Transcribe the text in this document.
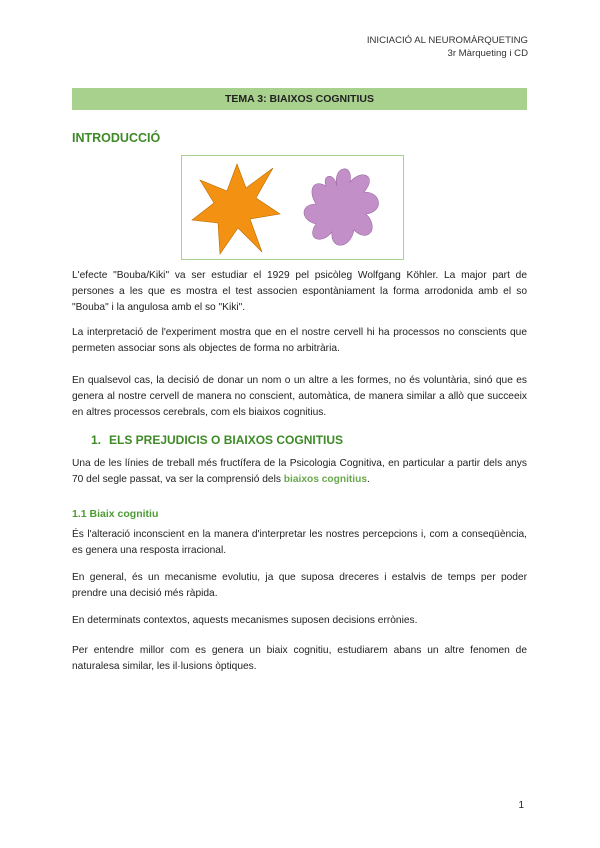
INICIACIÓ AL NEUROMÀRQUETING
3r Màrqueting i CD
TEMA 3: BIAIXOS COGNITIUS
INTRODUCCIÓ

L'efecte "Bouba/Kiki" va ser estudiar el 1929 pel psicòleg Wolfgang Köhler. La major part de persones a les que es mostra el test associen espontàniament la forma arrodonida amb el so "Bouba" i la angulosa amb el so "Kiki".

La interpretació de l'experiment mostra que en el nostre cervell hi ha processos no conscients que permeten associar sons als objectes de forma no arbitrària.

En qualsevol cas, la decisió de donar un nom o un altre a les formes, no és voluntària, sinó que es genera al nostre cervell de manera no conscient, automàtica, de manera similar a allò que succeeix en altres processos cerebrals, com els biaixos cognitius.

1. ELS PREJUDICIS O BIAIXOS COGNITIUS

Una de les línies de treball més fructífera de la Psicologia Cognitiva, en particular a partir dels anys 70 del segle passat, va ser la comprensió dels biaixos cognitius.

1.1 Biaix cognitiu

És l'alteració inconscient en la manera d'interpretar les nostres percepcions i, com a conseqüència, es genera una resposta irracional.

En general, és un mecanisme evolutiu, ja que suposa dreceres i estalvis de temps per poder prendre una decisió més ràpida.

En determinats contextos, aquests mecanismes suposen decisions errònies.

Per entendre millor com es genera un biaix cognitiu, estudiarem abans un altre fenomen de naturalesa similar, les il·lusions òptiques.

1
